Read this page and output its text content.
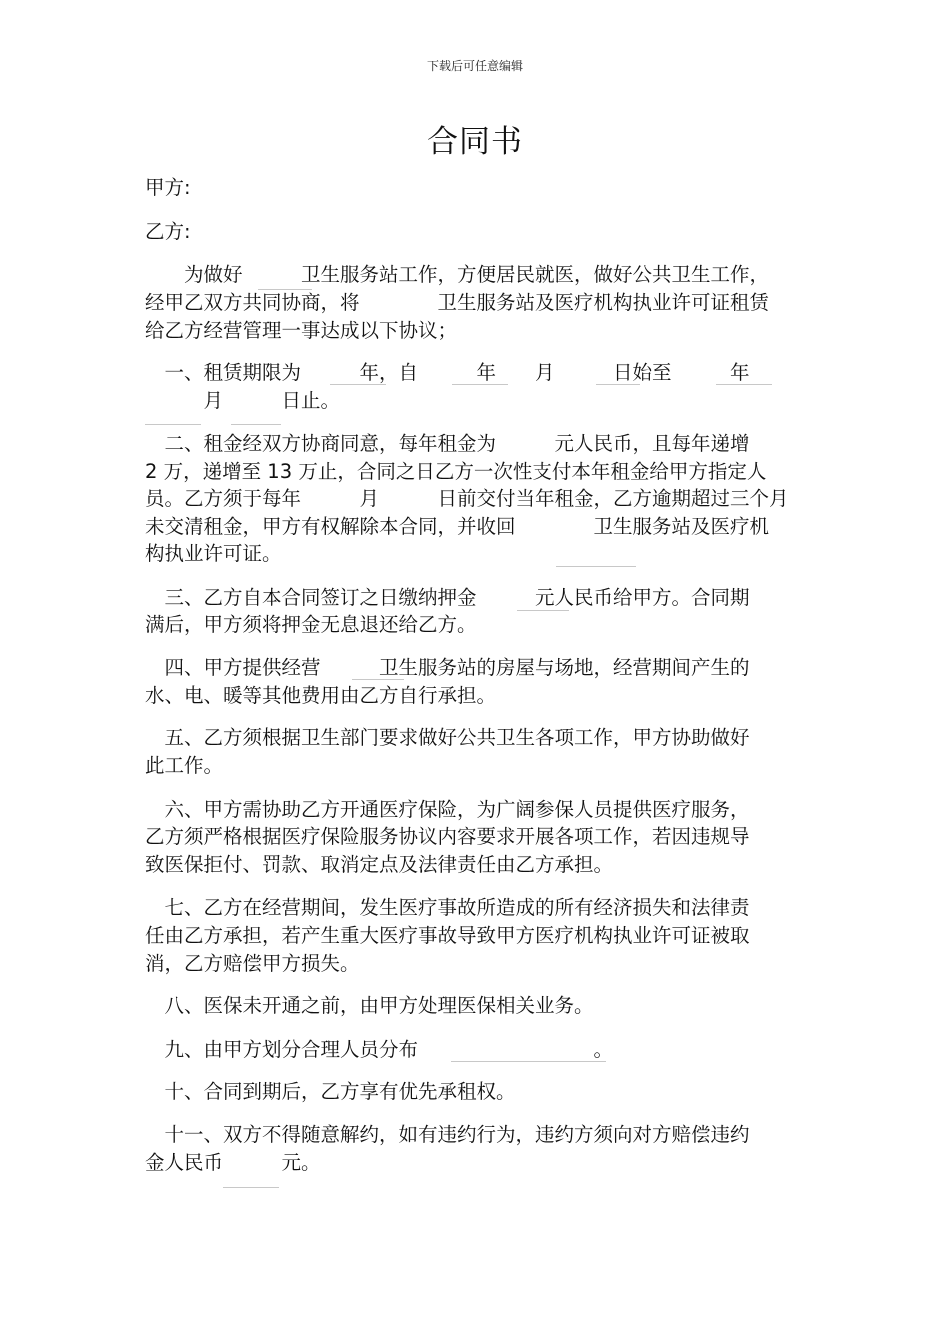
下载后可任意编辑
合同书
甲方:
乙方:
　　为做好　　　卫生服务站工作，方便居民就医，做好公共卫生工作，
经甲乙双方共同协商，将　　　　卫生服务站及医疗机构执业许可证租赁
给乙方经营管理一事达成以下协议；
　一、租赁期限为　　　年，自　　　年　　月　　　日始至　　　年
　　　月　　　日止。
　二、租金经双方协商同意，每年租金为　　　元人民币，且每年递增
2 万，递增至 13 万止，合同之日乙方一次性支付本年租金给甲方指定人
员。乙方须于每年　　　月　　　日前交付当年租金，乙方逾期超过三个月
未交清租金，甲方有权解除本合同，并收回　　　　卫生服务站及医疗机
构执业许可证。
　三、乙方自本合同签订之日缴纳押金　　　元人民币给甲方。合同期
满后，甲方须将押金无息退还给乙方。
　四、甲方提供经营　　　卫生服务站的房屋与场地，经营期间产生的
水、电、暖等其他费用由乙方自行承担。
　五、乙方须根据卫生部门要求做好公共卫生各项工作，甲方协助做好
此工作。
　六、甲方需协助乙方开通医疗保险，为广阔参保人员提供医疗服务，
乙方须严格根据医疗保险服务协议内容要求开展各项工作，若因违规导
致医保拒付、罚款、取消定点及法律责任由乙方承担。
　七、乙方在经营期间，发生医疗事故所造成的所有经济损失和法律责
任由乙方承担，若产生重大医疗事故导致甲方医疗机构执业许可证被取
消，乙方赔偿甲方损失。
　八、医保未开通之前，由甲方处理医保相关业务。
　九、由甲方划分合理人员分布　　　　　　　　　。
　十、合同到期后，乙方享有优先承租权。
　十一、双方不得随意解约，如有违约行为，违约方须向对方赔偿违约
金人民币　　　元。
